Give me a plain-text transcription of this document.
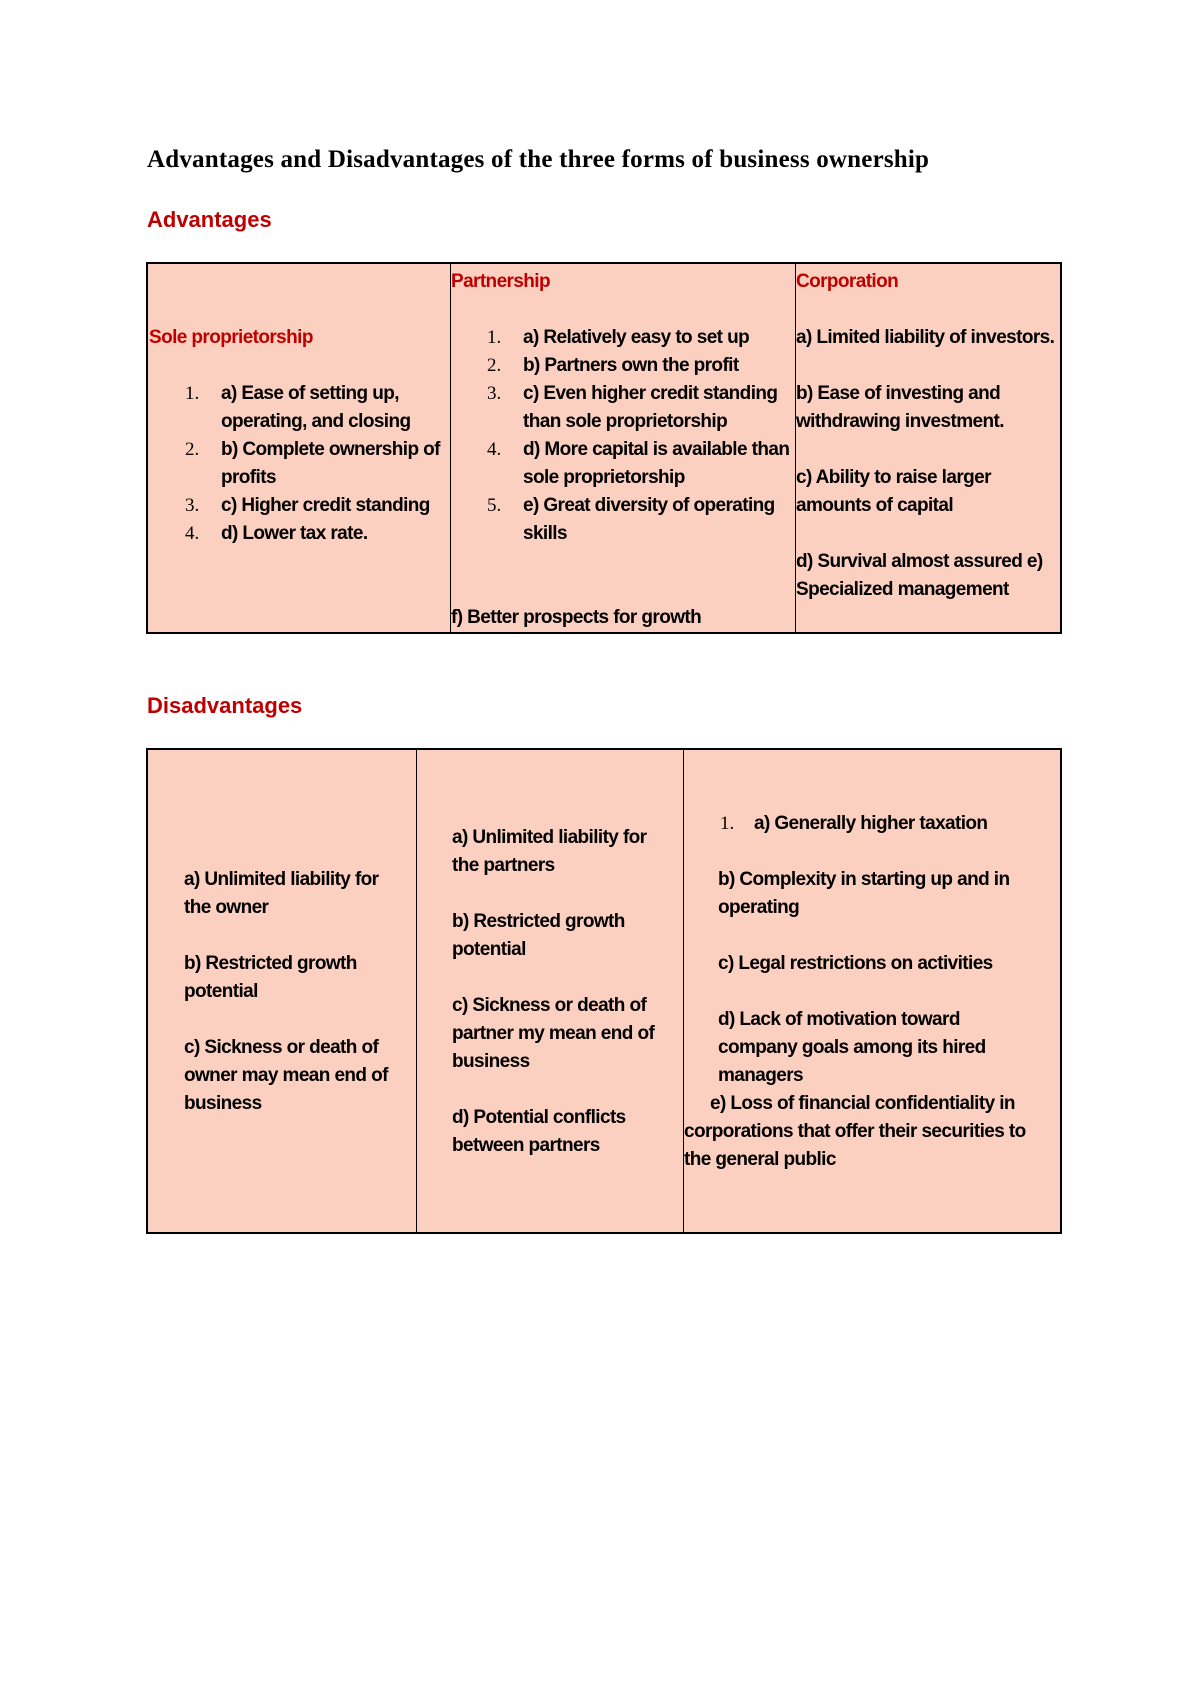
Advantages and Disadvantages of the three forms of business ownership
Advantages
Sole proprietorship
1. a) Ease of setting up, operating, and closing
2. b) Complete ownership of profits
3. c) Higher credit standing
4. d) Lower tax rate.
Partnership
1. a) Relatively easy to set up
2. b) Partners own the profit
3. c) Even higher credit standing than sole proprietorship
4. d) More capital is available than sole proprietorship
5. e) Great diversity of operating skills
f) Better prospects for growth
Corporation

a) Limited liability of investors.

b) Ease of investing and withdrawing investment.

c) Ability to raise larger amounts of capital

d) Survival almost assured e) Specialized management

Disadvantages

a) Unlimited liability for the owner

b) Restricted growth potential

c) Sickness or death of owner may mean end of business

a) Unlimited liability for the partners

b) Restricted growth potential

c) Sickness or death of partner my mean end of business

d) Potential conflicts between partners

1. a) Generally higher taxation

b) Complexity in starting up and in operating

c) Legal restrictions on activities

d) Lack of motivation toward company goals among its hired managers

e) Loss of financial confidentiality in corporations that offer their securities to the general public
